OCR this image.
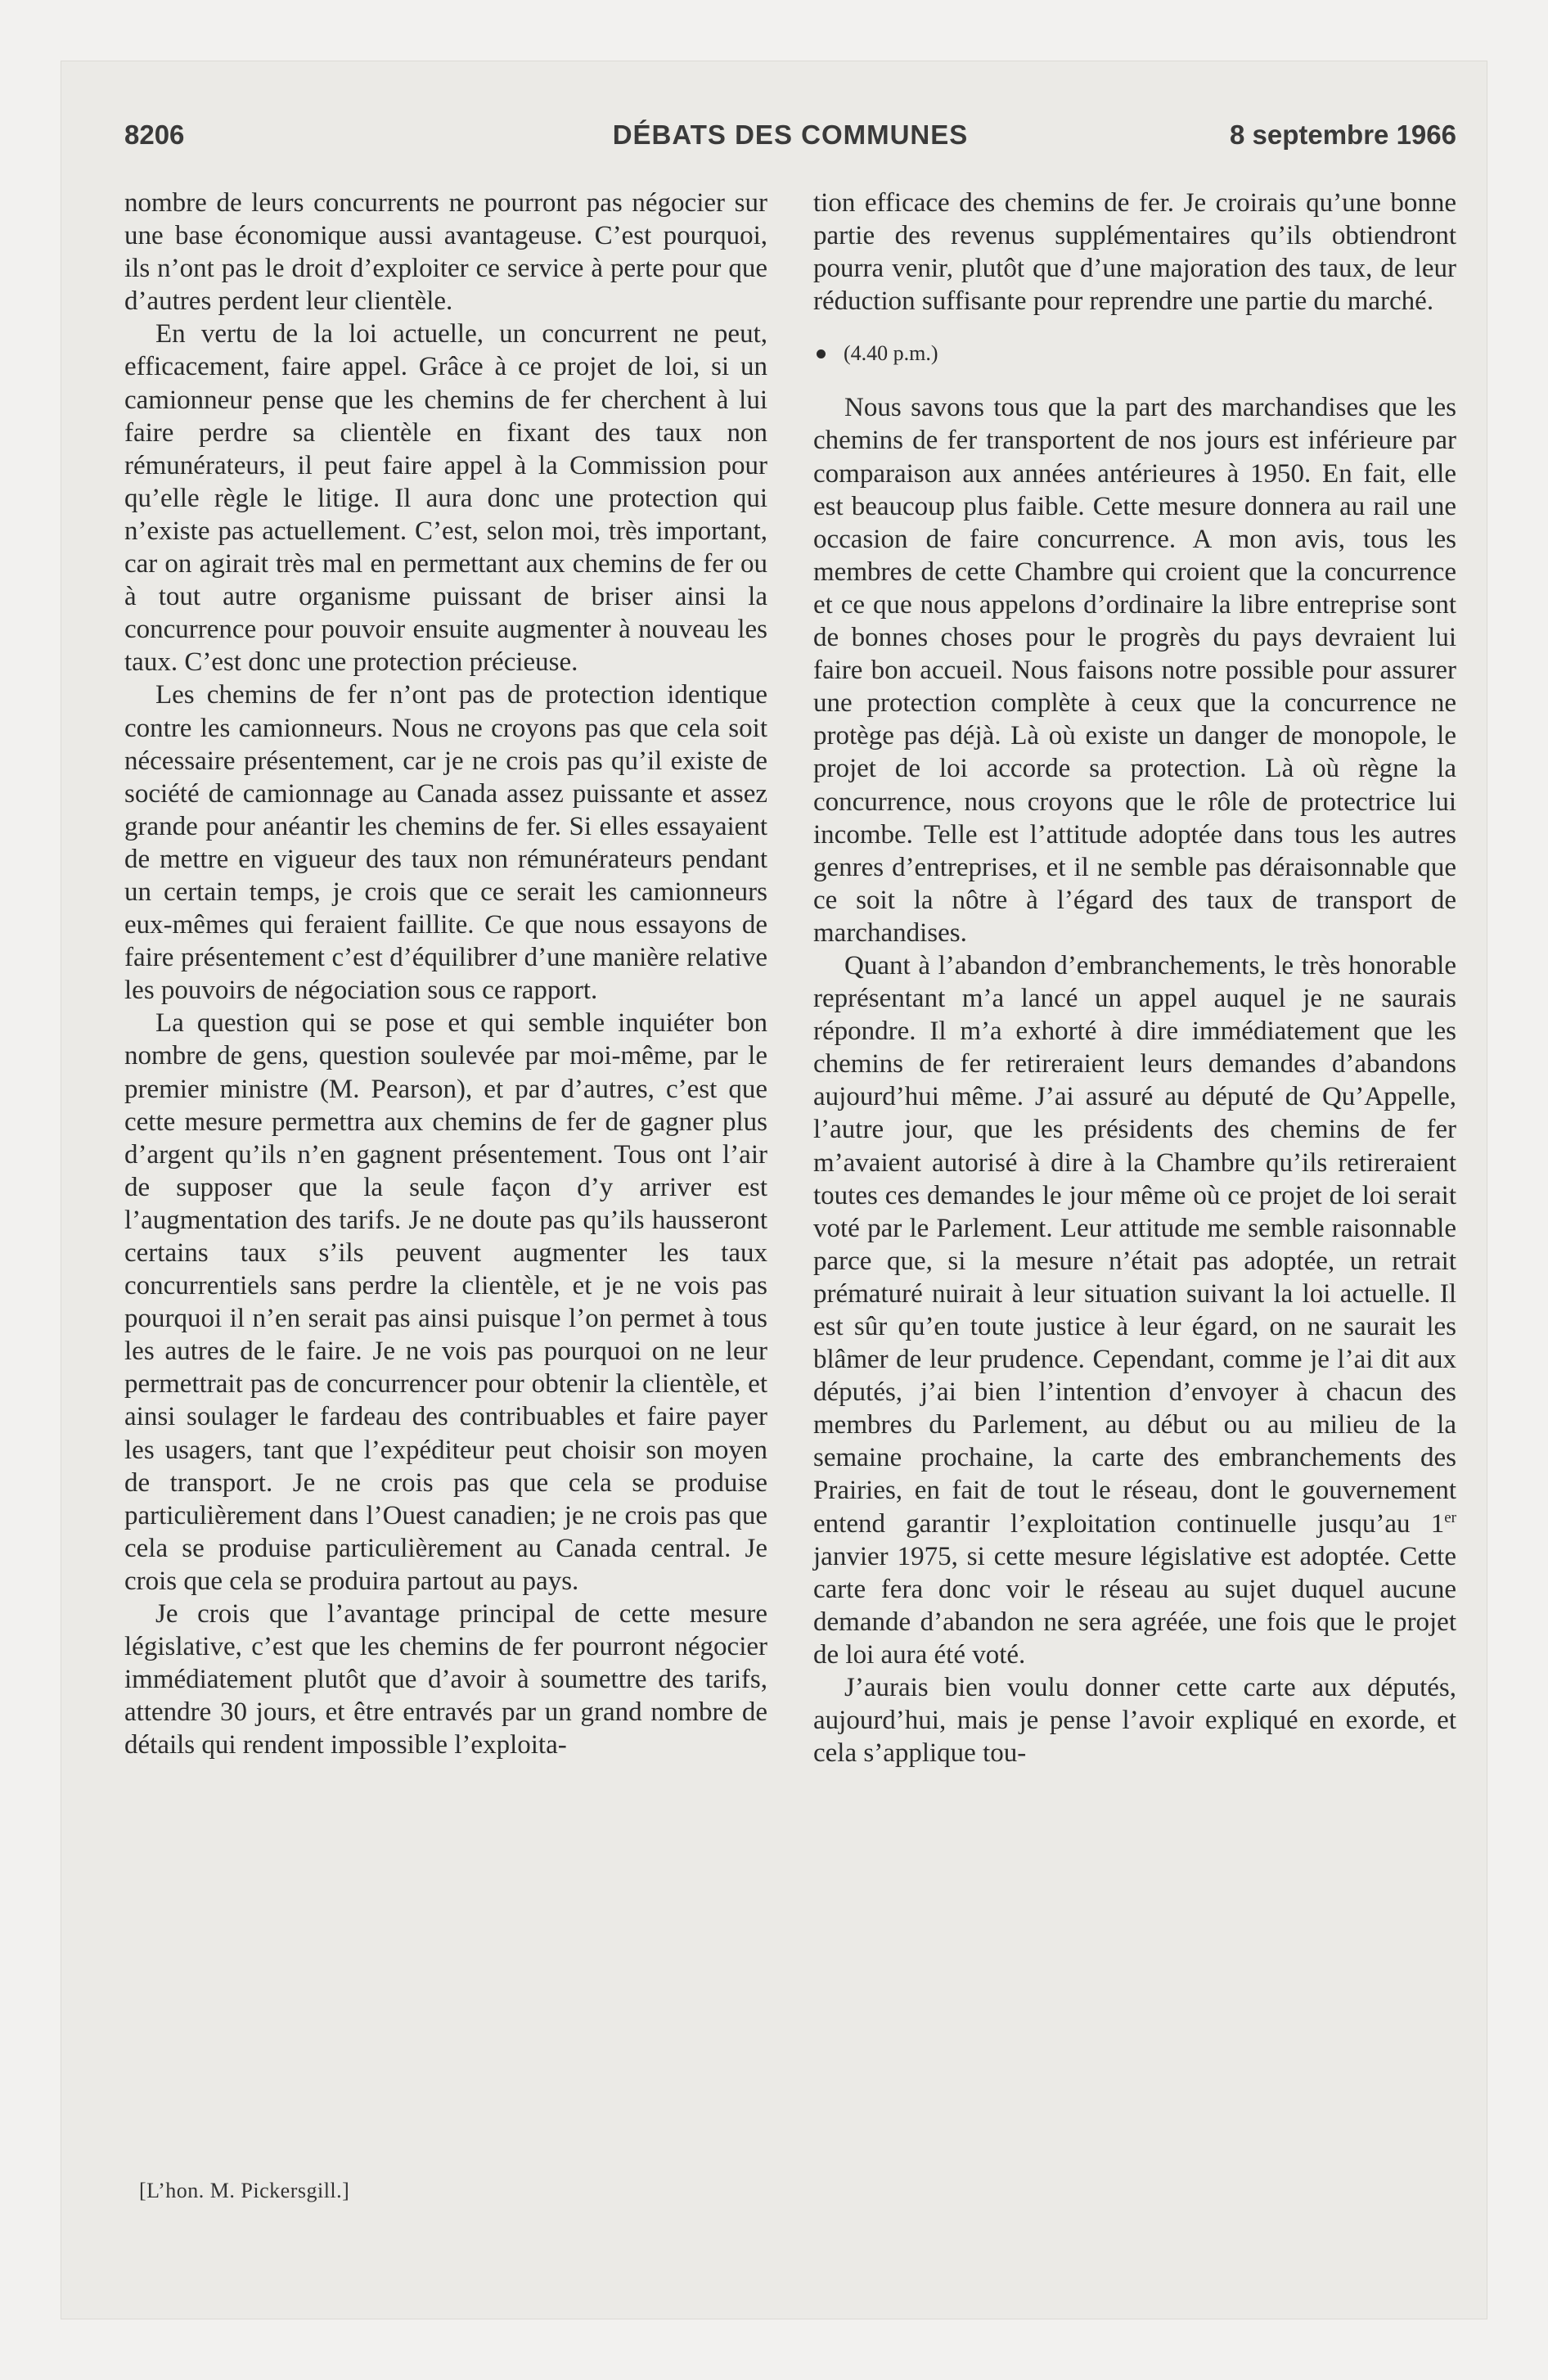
8206	DÉBATS DES COMMUNES	8 septembre 1966

nombre de leurs concurrents ne pourront pas négocier sur une base économique aussi avantageuse. C’est pourquoi, ils n’ont pas le droit d’exploiter ce service à perte pour que d’autres perdent leur clientèle.

En vertu de la loi actuelle, un concurrent ne peut, efficacement, faire appel. Grâce à ce projet de loi, si un camionneur pense que les chemins de fer cherchent à lui faire perdre sa clientèle en fixant des taux non rémunérateurs, il peut faire appel à la Commission pour qu’elle règle le litige. Il aura donc une protection qui n’existe pas actuellement. C’est, selon moi, très important, car on agirait très mal en permettant aux chemins de fer ou à tout autre organisme puissant de briser ainsi la concurrence pour pouvoir ensuite augmenter à nouveau les taux. C’est donc une protection précieuse.

Les chemins de fer n’ont pas de protection identique contre les camionneurs. Nous ne croyons pas que cela soit nécessaire présentement, car je ne crois pas qu’il existe de société de camionnage au Canada assez puissante et assez grande pour anéantir les chemins de fer. Si elles essayaient de mettre en vigueur des taux non rémunérateurs pendant un certain temps, je crois que ce serait les camionneurs eux-mêmes qui feraient faillite. Ce que nous essayons de faire présentement c’est d’équilibrer d’une manière relative les pouvoirs de négociation sous ce rapport.

La question qui se pose et qui semble inquiéter bon nombre de gens, question soulevée par moi-même, par le premier ministre (M. Pearson), et par d’autres, c’est que cette mesure permettra aux chemins de fer de gagner plus d’argent qu’ils n’en gagnent présentement. Tous ont l’air de supposer que la seule façon d’y arriver est l’augmentation des tarifs. Je ne doute pas qu’ils hausseront certains taux s’ils peuvent augmenter les taux concurrentiels sans perdre la clientèle, et je ne vois pas pourquoi il n’en serait pas ainsi puisque l’on permet à tous les autres de le faire. Je ne vois pas pourquoi on ne leur permettrait pas de concurrencer pour obtenir la clientèle, et ainsi soulager le fardeau des contribuables et faire payer les usagers, tant que l’expéditeur peut choisir son moyen de transport. Je ne crois pas que cela se produise particulièrement dans l’Ouest canadien; je ne crois pas que cela se produise particulièrement au Canada central. Je crois que cela se produira partout au pays.

Je crois que l’avantage principal de cette mesure législative, c’est que les chemins de fer pourront négocier immédiatement plutôt que d’avoir à soumettre des tarifs, attendre 30 jours, et être entravés par un grand nombre de détails qui rendent impossible l’exploita-

tion efficace des chemins de fer. Je croirais qu’une bonne partie des revenus supplémentaires qu’ils obtiendront pourra venir, plutôt que d’une majoration des taux, de leur réduction suffisante pour reprendre une partie du marché.

(4.40 p.m.)

Nous savons tous que la part des marchandises que les chemins de fer transportent de nos jours est inférieure par comparaison aux années antérieures à 1950. En fait, elle est beaucoup plus faible. Cette mesure donnera au rail une occasion de faire concurrence. A mon avis, tous les membres de cette Chambre qui croient que la concurrence et ce que nous appelons d’ordinaire la libre entreprise sont de bonnes choses pour le progrès du pays devraient lui faire bon accueil. Nous faisons notre possible pour assurer une protection complète à ceux que la concurrence ne protège pas déjà. Là où existe un danger de monopole, le projet de loi accorde sa protection. Là où règne la concurrence, nous croyons que le rôle de protectrice lui incombe. Telle est l’attitude adoptée dans tous les autres genres d’entreprises, et il ne semble pas déraisonnable que ce soit la nôtre à l’égard des taux de transport de marchandises.

Quant à l’abandon d’embranchements, le très honorable représentant m’a lancé un appel auquel je ne saurais répondre. Il m’a exhorté à dire immédiatement que les chemins de fer retireraient leurs demandes d’abandons aujourd’hui même. J’ai assuré au député de Qu’Appelle, l’autre jour, que les présidents des chemins de fer m’avaient autorisé à dire à la Chambre qu’ils retireraient toutes ces demandes le jour même où ce projet de loi serait voté par le Parlement. Leur attitude me semble raisonnable parce que, si la mesure n’était pas adoptée, un retrait prématuré nuirait à leur situation suivant la loi actuelle. Il est sûr qu’en toute justice à leur égard, on ne saurait les blâmer de leur prudence. Cependant, comme je l’ai dit aux députés, j’ai bien l’intention d’envoyer à chacun des membres du Parlement, au début ou au milieu de la semaine prochaine, la carte des embranchements des Prairies, en fait de tout le réseau, dont le gouvernement entend garantir l’exploitation continuelle jusqu’au 1er janvier 1975, si cette mesure législative est adoptée. Cette carte fera donc voir le réseau au sujet duquel aucune demande d’abandon ne sera agréée, une fois que le projet de loi aura été voté.

J’aurais bien voulu donner cette carte aux députés, aujourd’hui, mais je pense l’avoir expliqué en exorde, et cela s’applique tou-

[L’hon. M. Pickersgill.]
